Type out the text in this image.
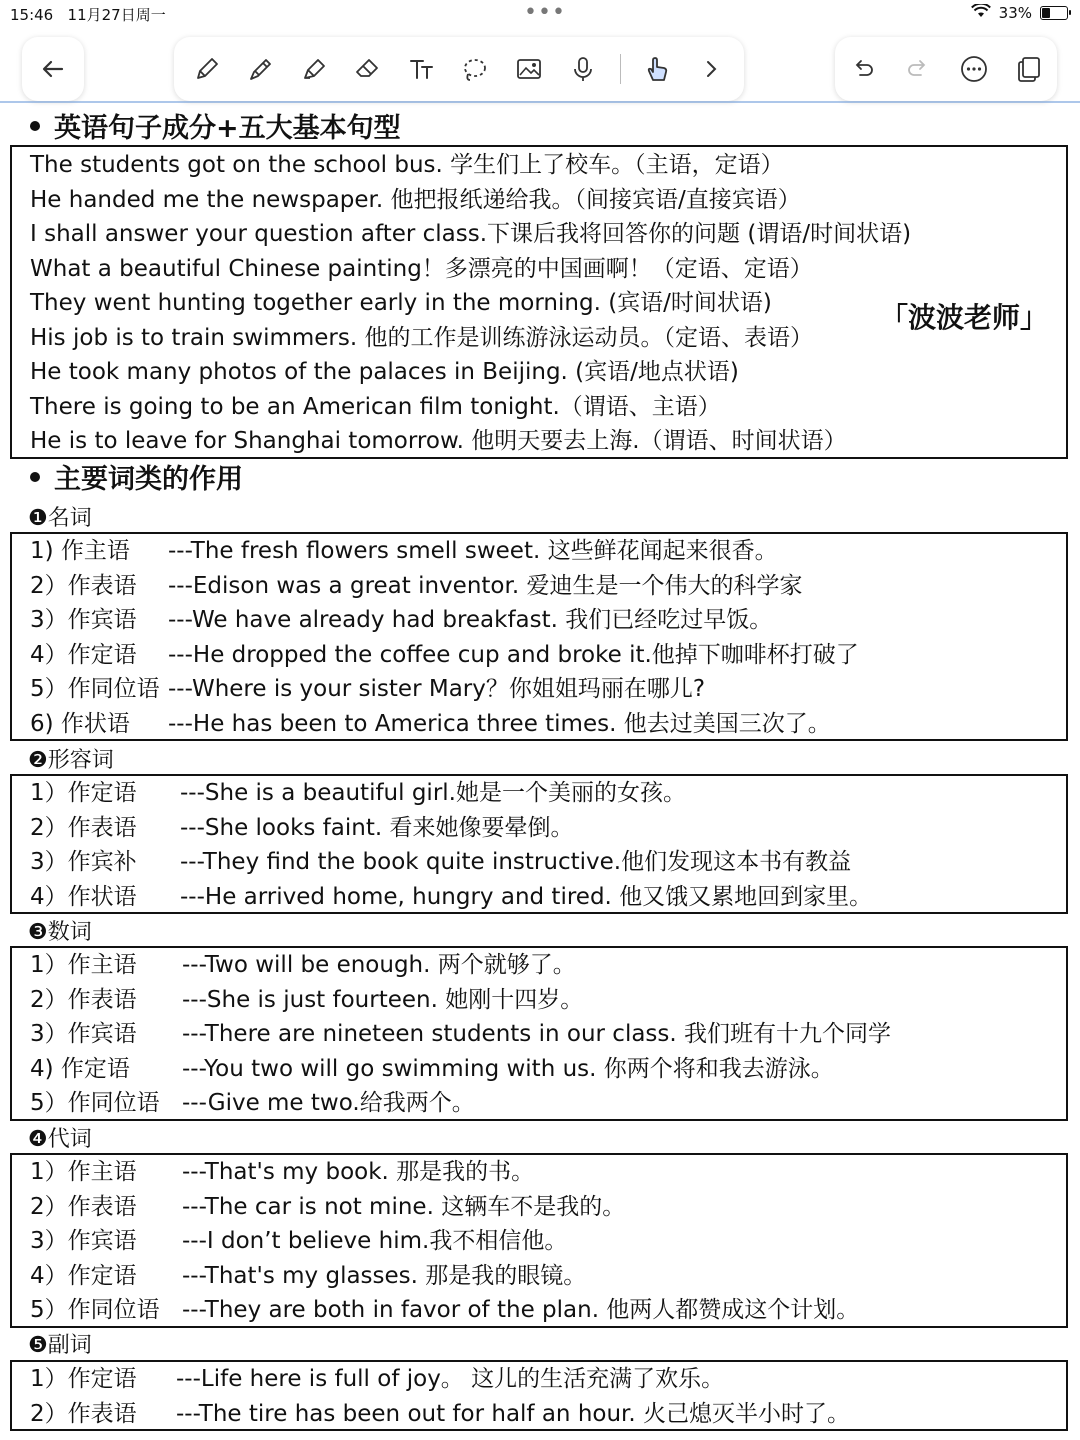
15:46 11月27日周一	•••	33%
英语句子成分+五大基本句型
The students got on the school bus. 学生们上了校车。（主语，定语）
He handed me the newspaper. 他把报纸递给我。（间接宾语/直接宾语）
I shall answer your question after class.下课后我将回答你的问题 (谓语/时间状语)
What a beautiful Chinese painting！多漂亮的中国画啊！（定语、定语）
They went hunting together early in the morning. (宾语/时间状语)
His job is to train swimmers. 他的工作是训练游泳运动员。（定语、表语）
He took many photos of the palaces in Beijing. (宾语/地点状语)
There is going to be an American film tonight.（谓语、主语）
He is to leave for Shanghai tomorrow. 他明天要去上海.（谓语、时间状语）
「波波老师」
主要词类的作用
❶名词
1) 作主语 ---The fresh flowers smell sweet. 这些鲜花闻起来很香。
2）作表语 ---Edison was a great inventor. 爱迪生是一个伟大的科学家
3）作宾语 ---We have already had breakfast. 我们已经吃过早饭。
4）作定语 ---He dropped the coffee cup and broke it.他掉下咖啡杯打破了
5）作同位语 ---Where is your sister Mary？你姐姐玛丽在哪儿?
6) 作状语 ---He has been to America three times. 他去过美国三次了。
❷形容词
1）作定语 ---She is a beautiful girl.她是一个美丽的女孩。
2）作表语 ---She looks faint. 看来她像要晕倒。
3）作宾补 ---They find the book quite instructive.他们发现这本书有教益
4）作状语 ---He arrived home, hungry and tired. 他又饿又累地回到家里。
❸数词
1）作主语 ---Two will be enough. 两个就够了。
2）作表语 ---She is just fourteen. 她刚十四岁。
3）作宾语 ---There are nineteen students in our class. 我们班有十九个同学
4) 作定语 ---You two will go swimming with us. 你两个将和我去游泳。
5）作同位语 ---Give me two.给我两个。
❹代词
1）作主语 ---That's my book. 那是我的书。
2）作表语 ---The car is not mine. 这辆车不是我的。
3）作宾语 ---I don’t believe him.我不相信他。
4）作定语 ---That's my glasses. 那是我的眼镜。
5）作同位语 ---They are both in favor of the plan. 他两人都赞成这个计划。
❺副词
1）作定语 ---Life here is full of joy。 这儿的生活充满了欢乐。
2）作表语 ---The tire has been out for half an hour. 火己熄灭半小时了。
